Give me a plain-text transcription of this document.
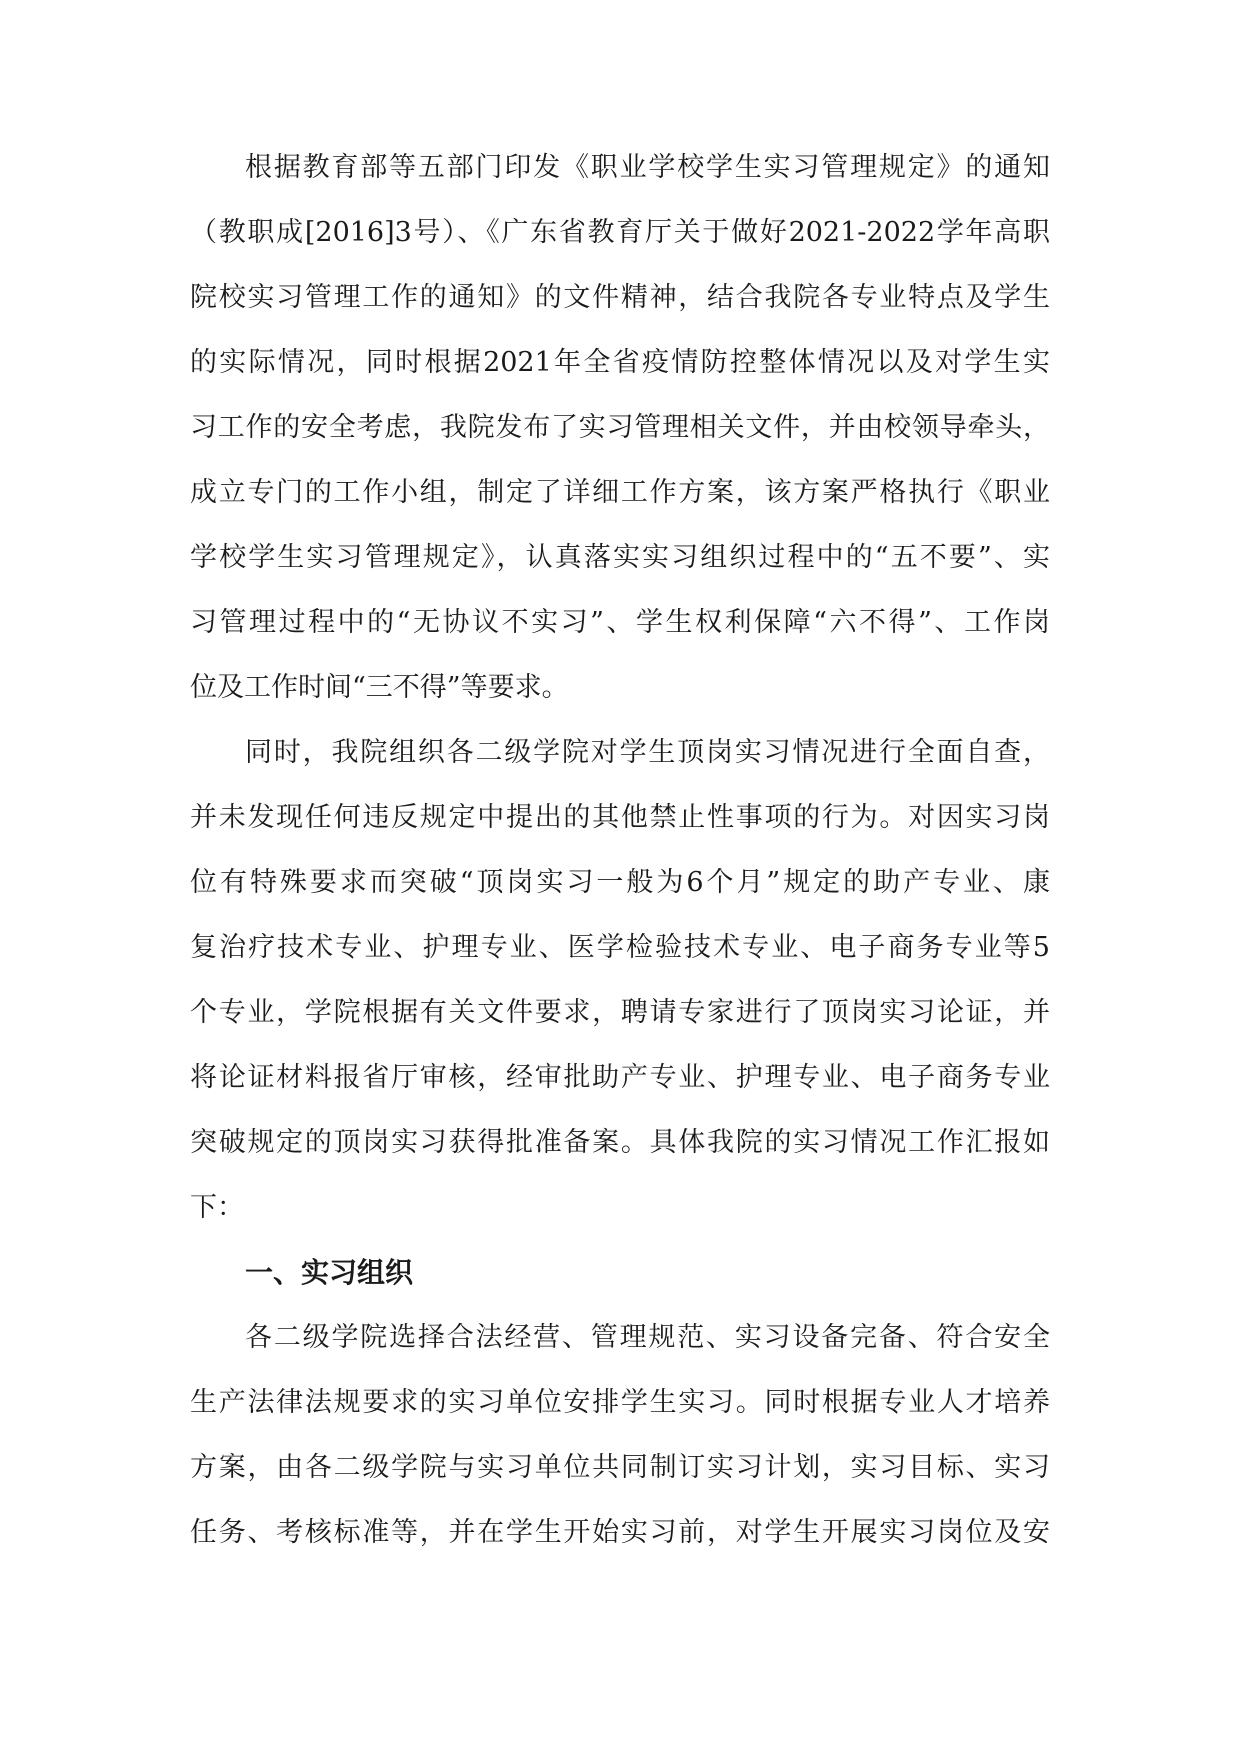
根据教育部等五部门印发《职业学校学生实习管理规定》的通知
（教职成[2016]3号）、《广东省教育厅关于做好2021-2022学年高职
院校实习管理工作的通知》的文件精神，结合我院各专业特点及学生
的实际情况，同时根据2021年全省疫情防控整体情况以及对学生实
习工作的安全考虑，我院发布了实习管理相关文件，并由校领导牵头，
成立专门的工作小组，制定了详细工作方案，该方案严格执行《职业
学校学生实习管理规定》，认真落实实习组织过程中的“五不要”、实
习管理过程中的“无协议不实习”、学生权利保障“六不得”、工作岗
位及工作时间“三不得”等要求。
同时，我院组织各二级学院对学生顶岗实习情况进行全面自查，
并未发现任何违反规定中提出的其他禁止性事项的行为。对因实习岗
位有特殊要求而突破“顶岗实习一般为6个月”规定的助产专业、康
复治疗技术专业、护理专业、医学检验技术专业、电子商务专业等5
个专业，学院根据有关文件要求，聘请专家进行了顶岗实习论证，并
将论证材料报省厅审核，经审批助产专业、护理专业、电子商务专业
突破规定的顶岗实习获得批准备案。具体我院的实习情况工作汇报如
下：
一、实习组织
各二级学院选择合法经营、管理规范、实习设备完备、符合安全
生产法律法规要求的实习单位安排学生实习。同时根据专业人才培养
方案，由各二级学院与实习单位共同制订实习计划，实习目标、实习
任务、考核标准等，并在学生开始实习前，对学生开展实习岗位及安
